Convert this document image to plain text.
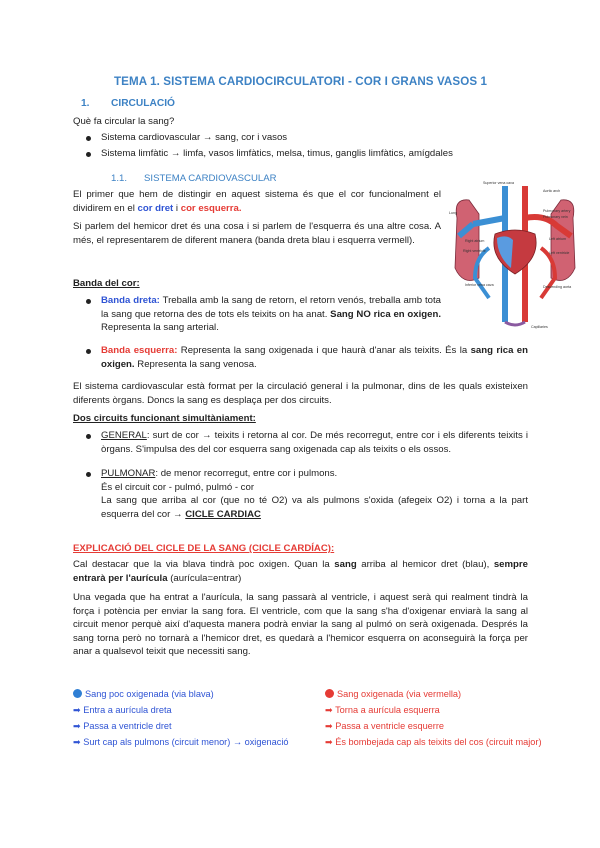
TEMA 1. SISTEMA CARDIOCIRCULATORI - COR I GRANS VASOS 1
1. CIRCULACIÓ
Què fa circular la sang?
Sistema cardiovascular → sang, cor i vasos
Sistema limfàtic → limfa, vasos limfàtics, melsa, timus, ganglis limfàtics, amígdales
1.1. SISTEMA CARDIOVASCULAR
El primer que hem de distingir en aquest sistema és que el cor funcionalment el dividirem en el cor dret i cor esquerra.
Si parlem del hemicor dret és una cosa i si parlem de l'esquerra és una altre cosa. A més, el representarem de diferent manera (banda dreta blau i esquerra vermell).
Banda del cor:
Banda dreta: Treballa amb la sang de retorn, el retorn venós, treballa amb tota la sang que retorna des de tots els teixits on ha anat. Sang NO rica en oxigen. Representa la sang arterial.
Banda esquerra: Representa la sang oxigenada i que haurà d'anar als teixits. És la sang rica en oxigen. Representa la sang venosa.
El sistema cardiovascular està format per la circulació general i la pulmonar, dins de les quals existeixen diferents òrgans. Doncs la sang es desplaça per dos circuits.
Dos circuits funcionant simultàniament:
GENERAL: surt de cor → teixits i retorna al cor. De més recorregut, entre cor i els diferents teixits i òrgans. S'impulsa des del cor esquerra sang oxigenada cap als teixits o els ossos.
PULMONAR: de menor recorregut, entre cor i pulmons.
És el circuit cor - pulmó, pulmó - cor
La sang que arriba al cor (que no té O2) va als pulmons s'oxida (afegeix O2) i torna a la part esquerra del cor → CICLE CARDIAC
EXPLICACIÓ DEL CICLE DE LA SANG (CICLE CARDÍAC):
Cal destacar que la via blava tindrà poc oxigen. Quan la sang arriba al hemicor dret (blau), sempre entrarà per l'aurícula (aurícula=entrar)
Una vegada que ha entrat a l'aurícula, la sang passarà al ventricle, i aquest serà qui realment tindrà la força i potència per enviar la sang fora. El ventricle, com que la sang s'ha d'oxigenar enviarà la sang al circuit menor perquè així d'aquesta manera podrà enviar la sang al pulmó on serà oxigenada. Després la sang torna però no tornarà a l'hemicor dret, es quedarà a l'hemicor esquerra on aconseguirà la força per anar a qualsevol teixit que necessiti sang.
Superior vena cava
Aortic arch
Pulmonary artery
Pulmonary vein
Lung
Left atrium
Right atrium
Right ventricle	Left ventricle
Inferior vena cava	Descending aorta
Capillaries
Sang poc oxigenada (via blava)
➡ Entra a aurícula dreta
➡ Passa a ventricle dret
➡ Surt cap als pulmons (circuit menor) → oxigenació
Sang oxigenada (via vermella)
➡ Torna a aurícula esquerra
➡ Passa a ventricle esquerre
➡ És bombejada cap als teixits del cos (circuit major)
